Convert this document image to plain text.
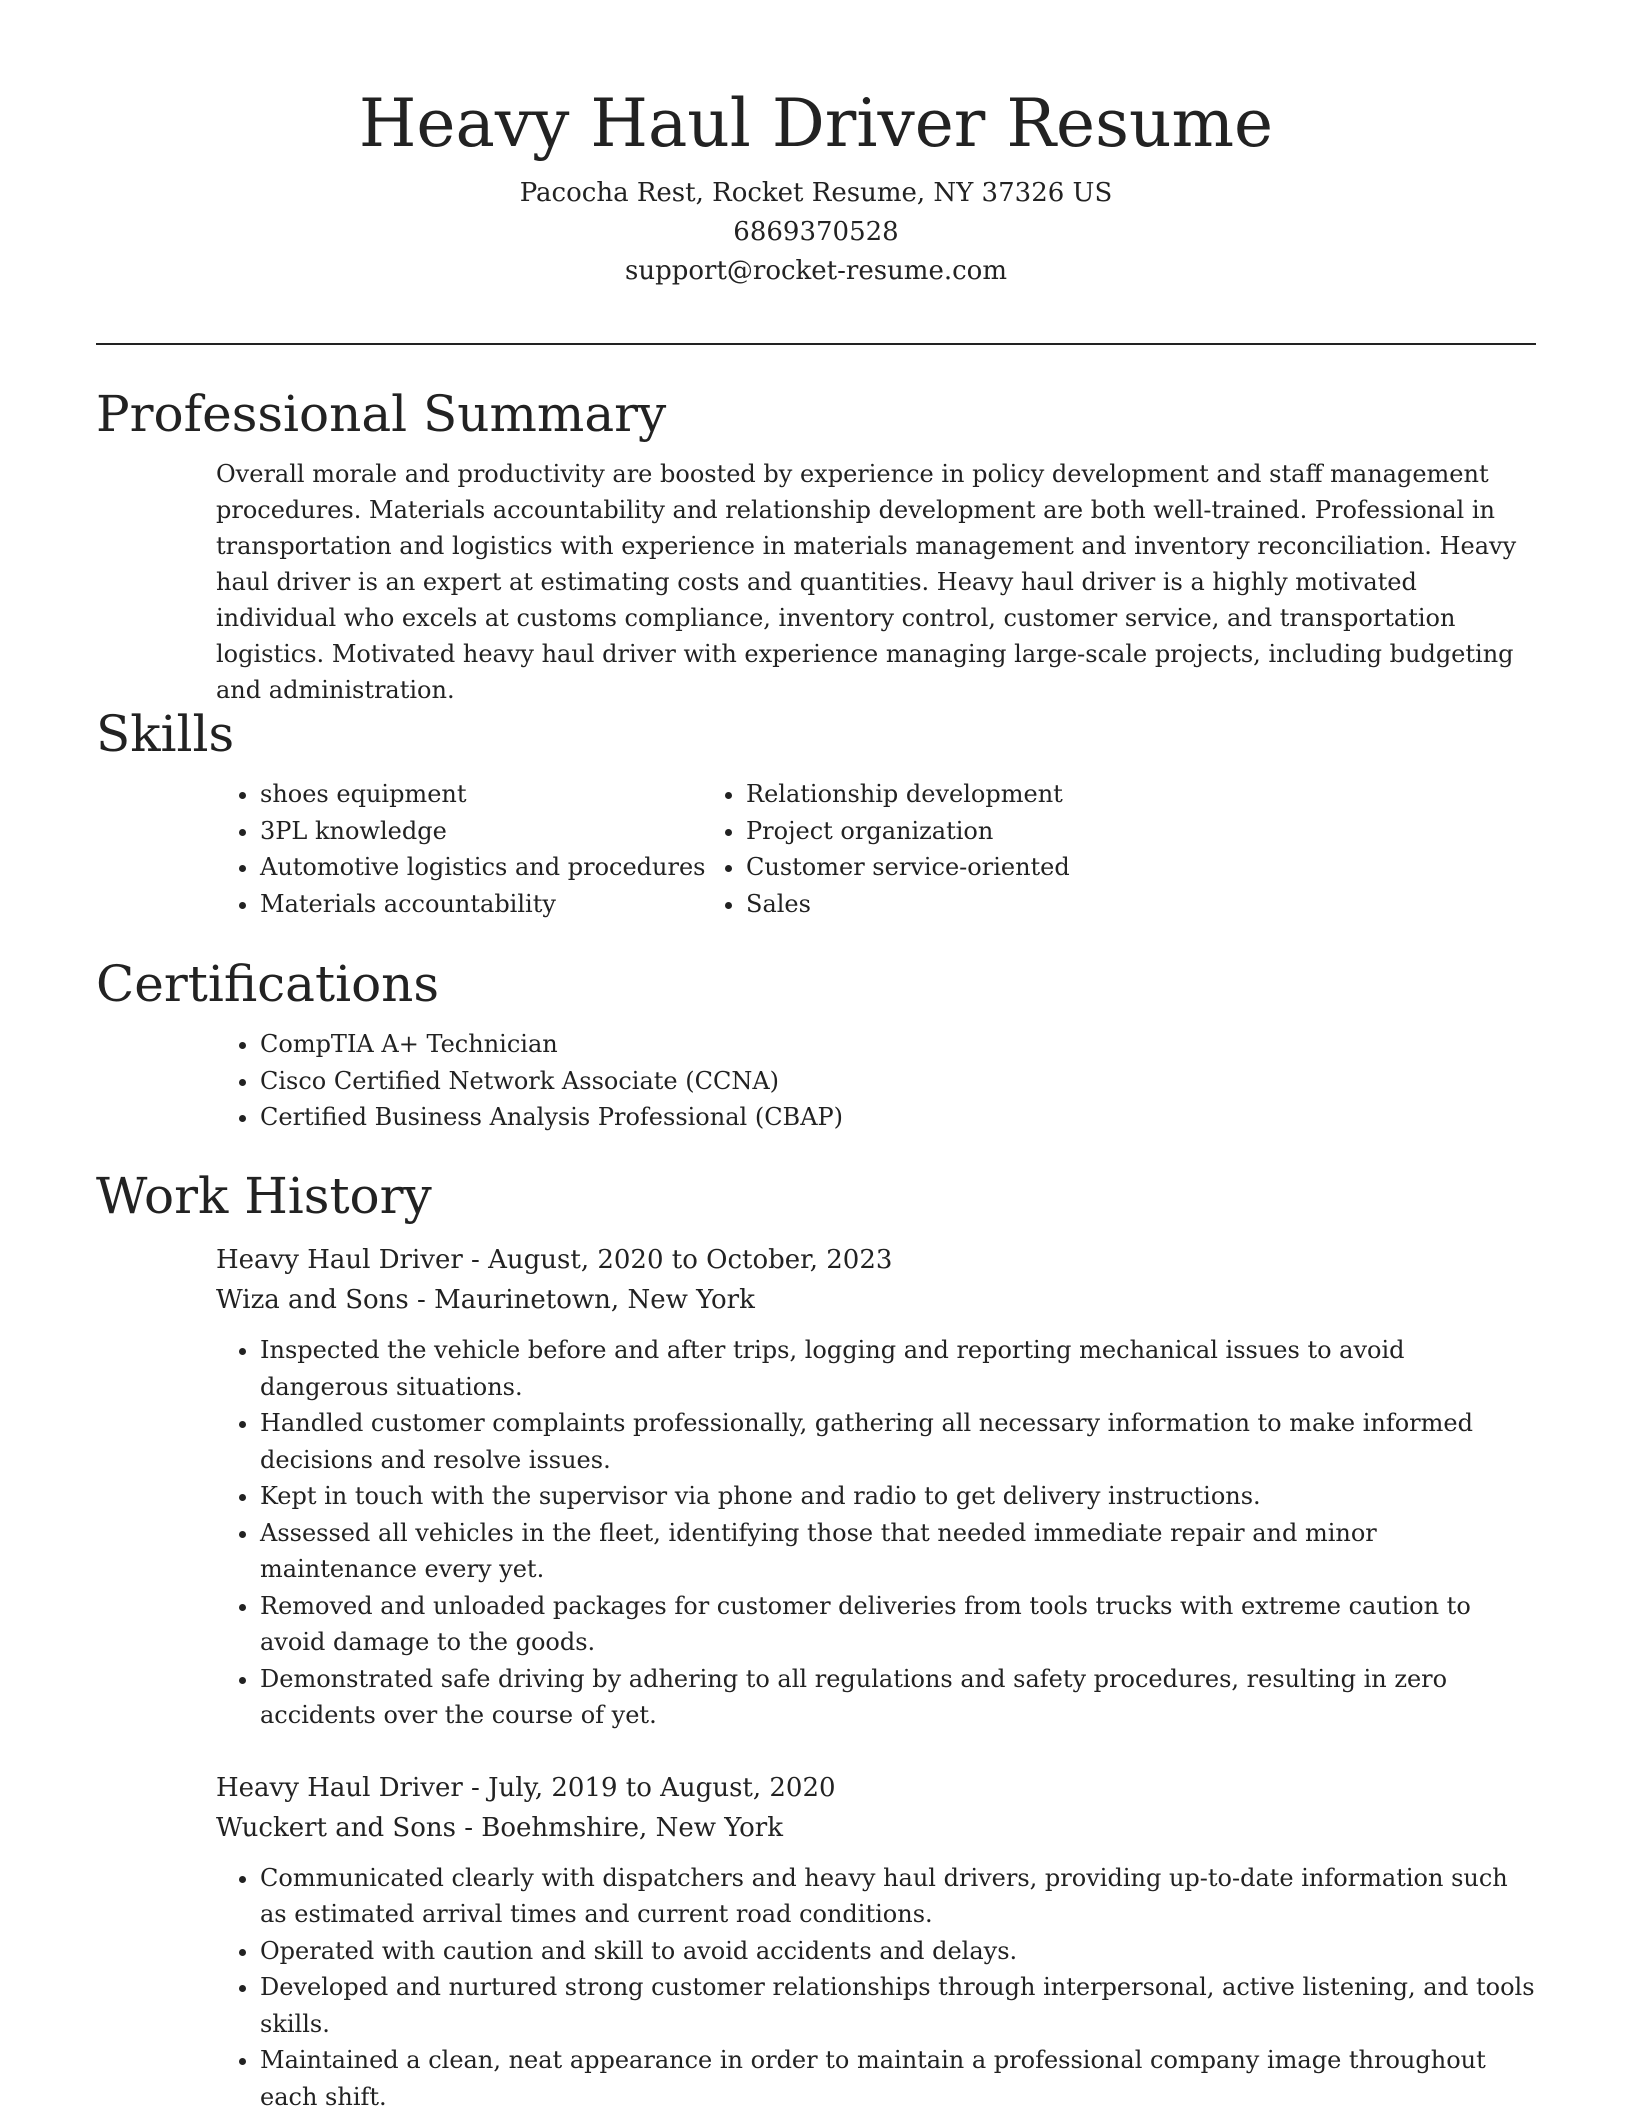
Heavy Haul Driver Resume
Pacocha Rest, Rocket Resume, NY 37326 US
6869370528
support@rocket-resume.com
Professional Summary

Overall morale and productivity are boosted by experience in policy development and staff management procedures. Materials accountability and relationship development are both well-trained. Professional in transportation and logistics with experience in materials management and inventory reconciliation. Heavy haul driver is an expert at estimating costs and quantities. Heavy haul driver is a highly motivated individual who excels at customs compliance, inventory control, customer service, and transportation logistics. Motivated heavy haul driver with experience managing large-scale projects, including budgeting and administration.

Skills
• shoes equipment
• 3PL knowledge
• Automotive logistics and procedures
• Materials accountability
• Relationship development
• Project organization
• Customer service-oriented
• Sales
Certifications
• CompTIA A+ Technician
• Cisco Certified Network Associate (CCNA)
• Certified Business Analysis Professional (CBAP)
Work History
Heavy Haul Driver - August, 2020 to October, 2023
Wiza and Sons - Maurinetown, New York
• Inspected the vehicle before and after trips, logging and reporting mechanical issues to avoid dangerous situations.
• Handled customer complaints professionally, gathering all necessary information to make informed decisions and resolve issues.
• Kept in touch with the supervisor via phone and radio to get delivery instructions.
• Assessed all vehicles in the fleet, identifying those that needed immediate repair and minor maintenance every yet.
• Removed and unloaded packages for customer deliveries from tools trucks with extreme caution to avoid damage to the goods.
• Demonstrated safe driving by adhering to all regulations and safety procedures, resulting in zero accidents over the course of yet.
Heavy Haul Driver - July, 2019 to August, 2020
Wuckert and Sons - Boehmshire, New York
• Communicated clearly with dispatchers and heavy haul drivers, providing up-to-date information such as estimated arrival times and current road conditions.
• Operated with caution and skill to avoid accidents and delays.
• Developed and nurtured strong customer relationships through interpersonal, active listening, and tools skills.
• Maintained a clean, neat appearance in order to maintain a professional company image throughout each shift.
